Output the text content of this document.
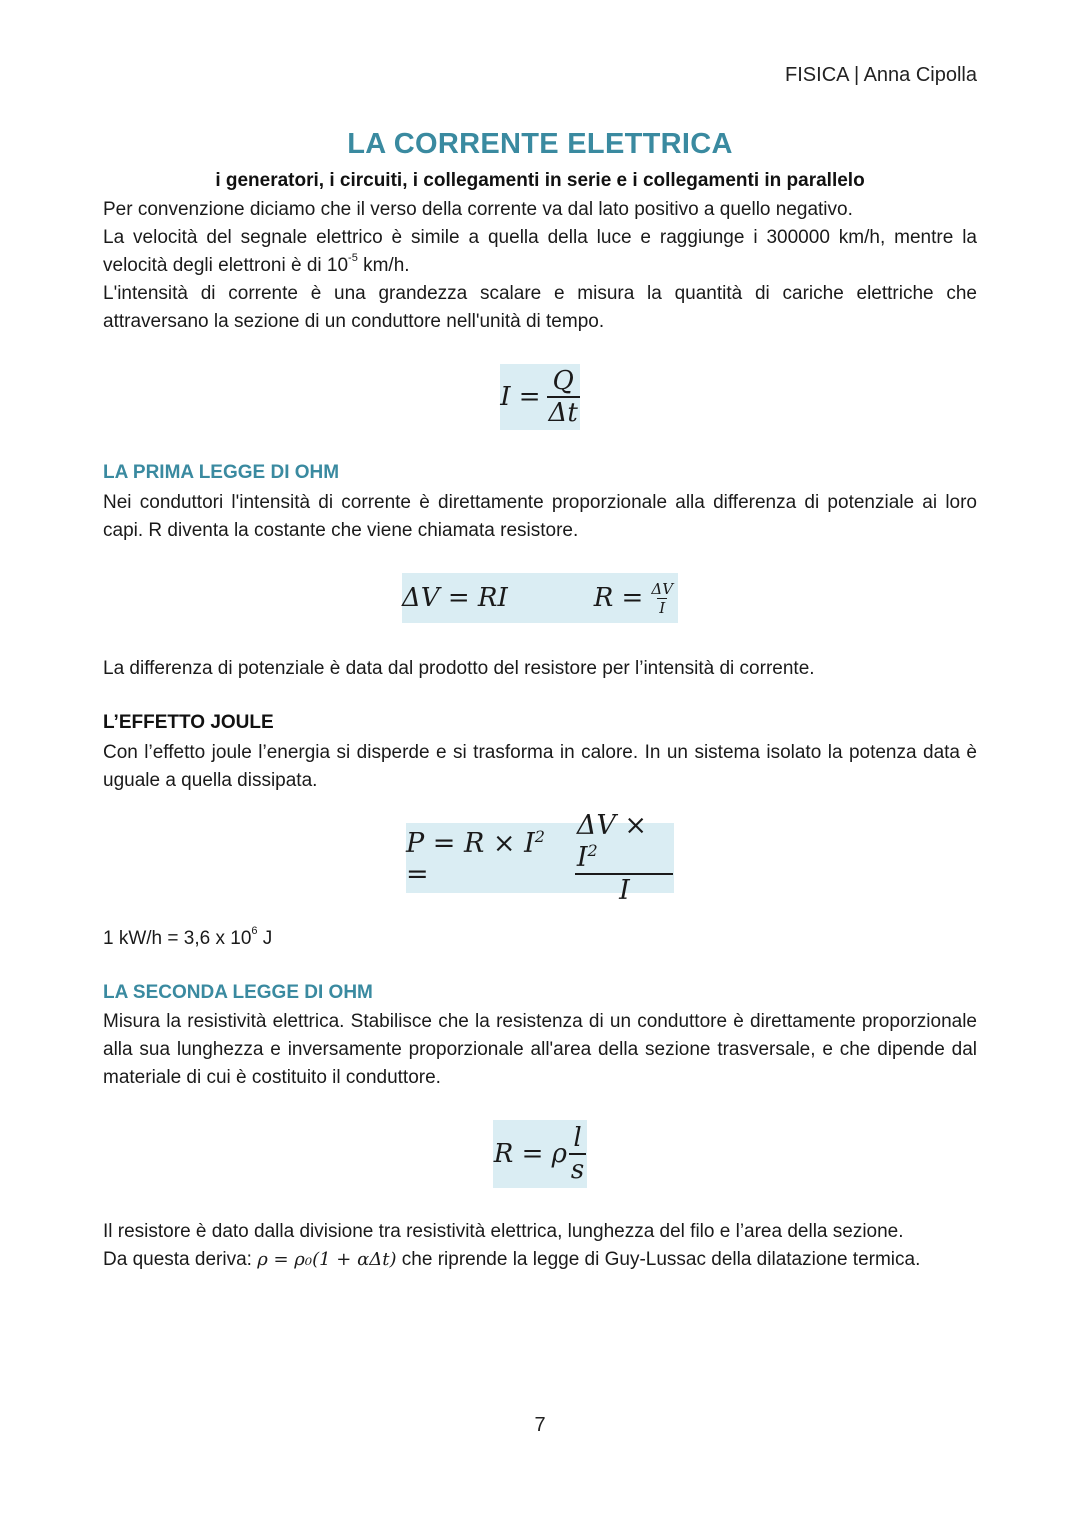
FISICA | Anna Cipolla
LA CORRENTE ELETTRICA
i generatori, i circuiti, i collegamenti in serie e i collegamenti in parallelo
Per convenzione diciamo che il verso della corrente va dal lato positivo a quello negativo.
La velocità del segnale elettrico è simile a quella della luce e raggiunge i 300000 km/h, mentre la velocità degli elettroni è di $10^{-5}$ km/h.
L'intensità di corrente è una grandezza scalare e misura la quantità di cariche elettriche che attraversano la sezione di un conduttore nell'unità di tempo.
$I = \frac{Q}{\Delta t}$
LA PRIMA LEGGE DI OHM
Nei conduttori l'intensità di corrente è direttamente proporzionale alla differenza di potenziale ai loro capi. R diventa la costante che viene chiamata resistore.
ΔV = RI	$R = \frac{\Delta V}{I}$
La differenza di potenziale è data dal prodotto del resistore per l’intensità di corrente.
L’EFFETTO JOULE
Con l’effetto joule l’energia si disperde e si trasforma in calore. In un sistema isolato la potenza data è uguale a quella dissipata.
$P = R \times I^2$ =	$\frac{\Delta V \times I^2}{I}$
1 kW/h = 3,6 x $10^6$ J
LA SECONDA LEGGE DI OHM
Misura la resistività elettrica. Stabilisce che la resistenza di un conduttore è direttamente proporzionale alla sua lunghezza e inversamente proporzionale all'area della sezione trasversale, e che dipende dal materiale di cui è costituito il conduttore.
R = ρ $\frac{l}{s}$
Il resistore è dato dalla divisione tra resistività elettrica, lunghezza del filo e l’area della sezione.
Da questa deriva: ρ = ρ₀(1 + αΔt) che riprende la legge di Guy-Lussac della dilatazione termica.
7
